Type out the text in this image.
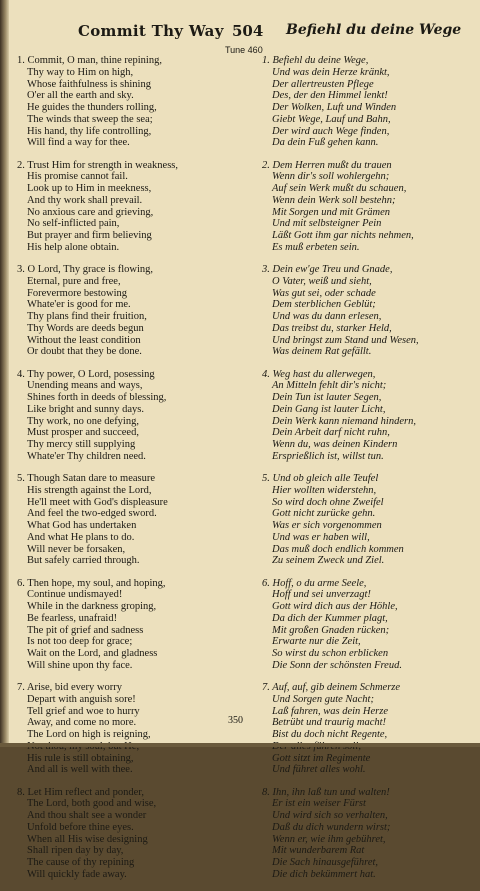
Commit Thy Way 504 Befiehl du deine Wege
Tune 460
1. Commit, O man, thine repining,
Thy way to Him on high,
Whose faithfulness is shining
O'er all the earth and sky.
He guides the thunders rolling,
The winds that sweep the sea;
His hand, thy life controlling,
Will find a way for thee.
2. Trust Him for strength in weakness,
His promise cannot fail.
Look up to Him in meekness,
And thy work shall prevail.
No anxious care and grieving,
No self-inflicted pain,
But prayer and firm believing
His help alone obtain.
3. O Lord, Thy grace is flowing,
Eternal, pure and free,
Forevermore bestowing
Whate'er is good for me.
Thy plans find their fruition,
Thy Words are deeds begun
Without the least condition
Or doubt that they be done.
4. Thy power, O Lord, posessing
Unending means and ways,
Shines forth in deeds of blessing,
Like bright and sunny days.
Thy work, no one defying,
Must prosper and succeed,
Thy mercy still supplying
Whate'er Thy children need.
5. Though Satan dare to measure
His strength against the Lord,
He'll meet with God's displeasure
And feel the two-edged sword.
What God has undertaken
And what He plans to do.
Will never be forsaken,
But safely carried through.
6. Then hope, my soul, and hoping,
Continue undismayed!
While in the darkness groping,
Be fearless, unafraid!
The pit of grief and sadness
Is not too deep for grace;
Wait on the Lord, and gladness
Will shine upon thy face.
7. Arise, bid every worry
Depart with anguish sore!
Tell grief and woe to hurry
Away, and come no more.
The Lord on high is reigning,
His rule is still obtaining,
And all is well with thee.
8. Let Him reflect and ponder,
The Lord, both good and wise,
And thou shalt see a wonder
Unfold before thine eyes.
When all His wise designing
Shall ripen day by day,
The cause of thy repining
Will quickly fade away.
1. Befiehl du deine Wege,
Und was dein Herze kränkt,
Der allertreusten Pflege
Des, der den Himmel lenkt!
Der Wolken, Luft und Winden
Giebt Wege, Lauf und Bahn,
Der wird auch Wege finden,
Da dein Fuß gehen kann.
2. Dem Herren mußt du trauen
Wenn dir's soll wohlergehn;
Auf sein Werk mußt du schauen,
Wenn dein Werk soll bestehn;
Mit Sorgen und mit Grämen
Und mit selbsteigner Pein
Läßt Gott ihm gar nichts nehmen,
Es muß erbeten sein.
3. Dein ew'ge Treu und Gnade,
O Vater, weiß und sieht,
Was gut sei, oder schade
Dem sterblichen Geblüt;
Und was du dann erlesen,
Das treibst du, starker Held,
Und bringst zum Stand und Wesen,
Was deinem Rat gefällt.
4. Weg hast du allerwegen,
An Mitteln fehlt dir's nicht;
Dein Tun ist lauter Segen,
Dein Gang ist lauter Licht,
Dein Werk kann niemand hindern,
Dein Arbeit darf nicht ruhn,
Wenn du, was deinen Kindern
Ersprießlich ist, willst tun.
5. Und ob gleich alle Teufel
Hier wollten widerstehn,
So wird doch ohne Zweifel
Gott nicht zurücke gehn.
Was er sich vorgenommen
Und was er haben will,
Das muß doch endlich kommen
Zu seinem Zweck und Ziel.
6. Hoff, o du arme Seele,
Hoff und sei unverzagt!
Gott wird dich aus der Höhle,
Da dich der Kummer plagt,
Mit großen Gnaden rücken;
Erwarte nur die Zeit,
So wirst du schon erblicken
Die Sonn der schönsten Freud.
7. Auf, auf, gib deinem Schmerze
Und Sorgen gute Nacht;
Laß fahren, was dein Herze
Betrübt und traurig macht!
Bist du doch nicht Regente,
Gott sitzt im Regimente
Und führet alles wohl.
8. Ihn, ihn laß tun und walten!
Er ist ein weiser Fürst
Und wird sich so verhalten,
Daß du dich wundern wirst;
Wenn er, wie ihm gebühret,
Mit wunderbarem Rat
Die Sach hinausgeführet,
Die dich bekümmert hat.
350
